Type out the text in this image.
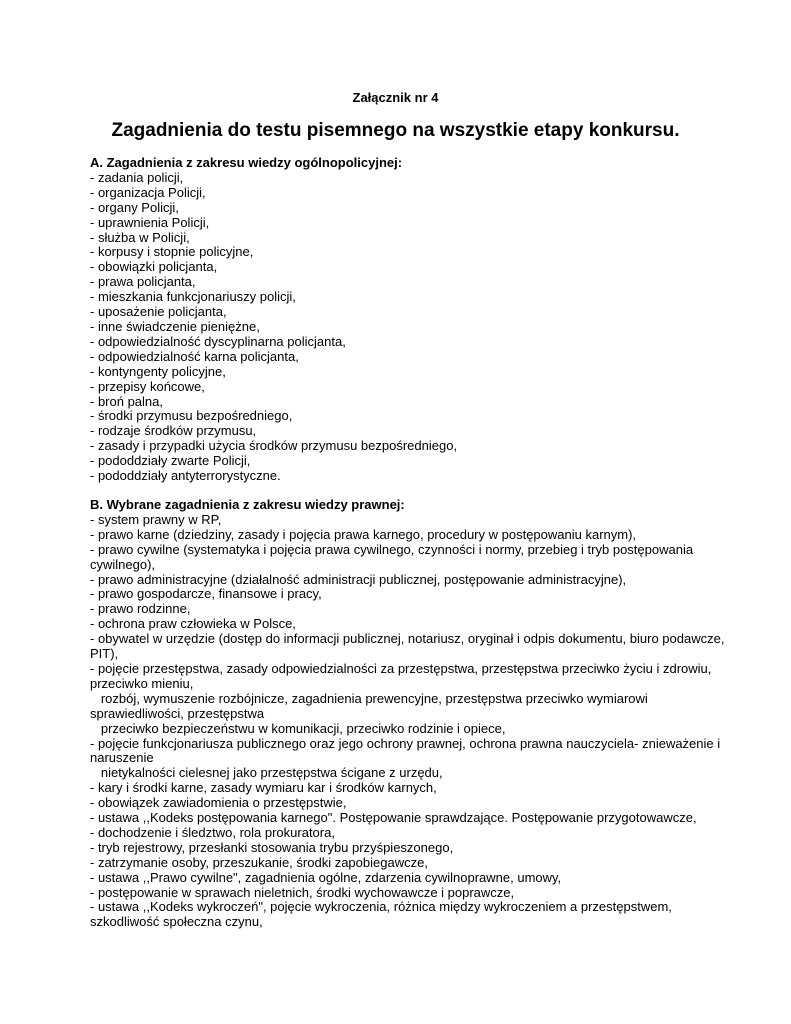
Załącznik nr 4
Zagadnienia do testu pisemnego na wszystkie etapy konkursu.
A. Zagadnienia z zakresu wiedzy ogólnopolicyjnej:
- zadania policji,
- organizacja Policji,
- organy Policji,
- uprawnienia Policji,
- służba w Policji,
- korpusy i stopnie policyjne,
- obowiązki policjanta,
- prawa policjanta,
- mieszkania funkcjonariuszy policji,
- uposażenie policjanta,
- inne świadczenie pieniężne,
- odpowiedzialność dyscyplinarna policjanta,
- odpowiedzialność karna policjanta,
- kontyngenty policyjne,
- przepisy końcowe,
- broń palna,
- środki przymusu bezpośredniego,
- rodzaje środków przymusu,
- zasady i przypadki użycia środków przymusu bezpośredniego,
- pododdziały zwarte Policji,
- pododdziały antyterrorystyczne.
B. Wybrane zagadnienia z zakresu wiedzy prawnej:
- system prawny w RP,
- prawo karne (dziedziny, zasady i pojęcia prawa karnego, procedury w postępowaniu karnym),
- prawo cywilne (systematyka i pojęcia prawa cywilnego, czynności i normy, przebieg i tryb postępowania cywilnego),
- prawo administracyjne (działalność administracji publicznej, postępowanie administracyjne),
- prawo gospodarcze, finansowe i pracy,
- prawo rodzinne,
- ochrona praw człowieka w Polsce,
- obywatel w urzędzie (dostęp do informacji publicznej, notariusz, oryginał i odpis dokumentu, biuro podawcze, PIT),
- pojęcie przestępstwa, zasady odpowiedzialności za przestępstwa, przestępstwa przeciwko życiu i zdrowiu, przeciwko mieniu,
rozbój, wymuszenie rozbójnicze, zagadnienia prewencyjne, przestępstwa przeciwko wymiarowi sprawiedliwości, przestępstwa
przeciwko bezpieczeństwu w komunikacji, przeciwko rodzinie i opiece,
- pojęcie funkcjonariusza publicznego oraz jego ochrony prawnej, ochrona prawna nauczyciela- znieważenie i naruszenie
nietykalności cielesnej jako przestępstwa ścigane z urzędu,
- kary i środki karne, zasady wymiaru kar i środków karnych,
- obowiązek zawiadomienia o przestępstwie,
- ustawa ,,Kodeks postępowania karnego". Postępowanie sprawdzające. Postępowanie przygotowawcze,
- dochodzenie i śledztwo, rola prokuratora,
- tryb rejestrowy, przesłanki stosowania trybu przyśpieszonego,
- zatrzymanie osoby, przeszukanie, środki zapobiegawcze,
- ustawa ,,Prawo cywilne", zagadnienia ogólne, zdarzenia cywilnoprawne, umowy,
- postępowanie w sprawach nieletnich, środki wychowawcze i poprawcze,
- ustawa ,,Kodeks wykroczeń", pojęcie wykroczenia, różnica między wykroczeniem a przestępstwem, szkodliwość społeczna czynu,
